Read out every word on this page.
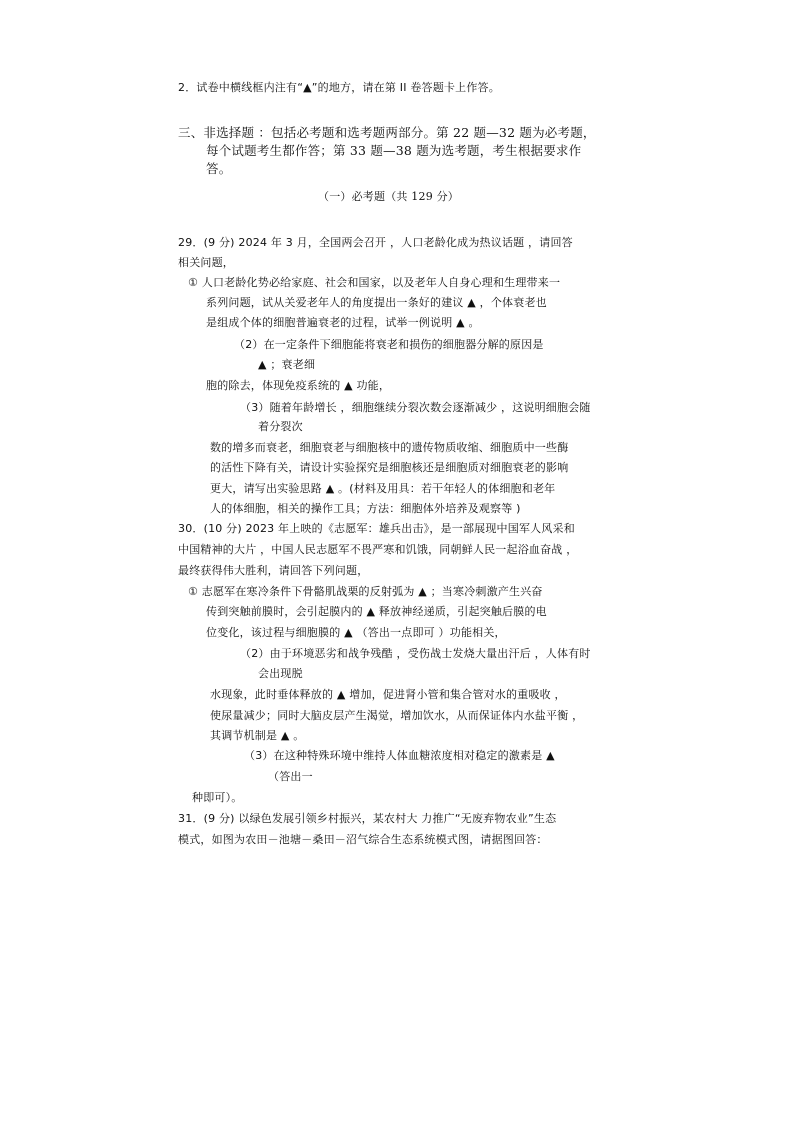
2．试卷中横线框内注有“▲”的地方，请在第 II 卷答题卡上作答。
三、非选择题 ：包括必考题和选考题两部分。第 22 题—32 题为必考题，
每个试题考生都作答；第 33 题—38 题为选考题，考生根据要求作
答。
（一）必考题（共 129 分）
29．(9 分) 2024 年 3 月，全国两会召开 ，人口老龄化成为热议话题 ，请回答
相关问题，
① 人口老龄化势必给家庭、社会和国家，以及老年人自身心理和生理带来一
系列问题，试从关爱老年人的角度提出一条好的建议 ▲ ，个体衰老也
是组成个体的细胞普遍衰老的过程，试举一例说明 ▲ 。
（2）在一定条件下细胞能将衰老和损伤的细胞器分解的原因是
▲ ；衰老细
胞的除去，体现免疫系统的 ▲ 功能，
（3）随着年龄增长 ，细胞继续分裂次数会逐渐减少 ，这说明细胞会随
着分裂次
数的增多而衰老，细胞衰老与细胞核中的遗传物质收缩、细胞质中一些酶
的活性下降有关，请设计实验探究是细胞核还是细胞质对细胞衰老的影响
更大，请写出实验思路 ▲ 。(材料及用具：若干年轻人的体细胞和老年
人的体细胞，相关的操作工具；方法：细胞体外培养及观察等 )
30．(10 分) 2023 年上映的《志愿军：雄兵出击》，是一部展现中国军人风采和
中国精神的大片 ，中国人民志愿军不畏严寒和饥饿，同朝鲜人民一起浴血奋战 ，
最终获得伟大胜利，请回答下列问题，
① 志愿军在寒冷条件下骨骼肌战栗的反射弧为 ▲ ；当寒冷刺激产生兴奋
传到突触前膜时，会引起膜内的 ▲ 释放神经递质，引起突触后膜的电
位变化，该过程与细胞膜的 ▲ （答出一点即可 ）功能相关，
（2）由于环境恶劣和战争残酷 ，受伤战士发烧大量出汗后 ，人体有时
会出现脱
水现象，此时垂体释放的 ▲ 增加，促进肾小管和集合管对水的重吸收 ，
使尿量减少；同时大脑皮层产生渴觉，增加饮水，从而保证体内水盐平衡 ，
其调节机制是 ▲ 。
（3）在这种特殊环境中维持人体血糖浓度相对稳定的激素是 ▲
（答出一
种即可）。
31．(9 分) 以绿色发展引领乡村振兴，某农村大 力推广“无废弃物农业”生态
模式，如图为农田－池塘－桑田－沼气综合生态系统模式图，请据图回答：
